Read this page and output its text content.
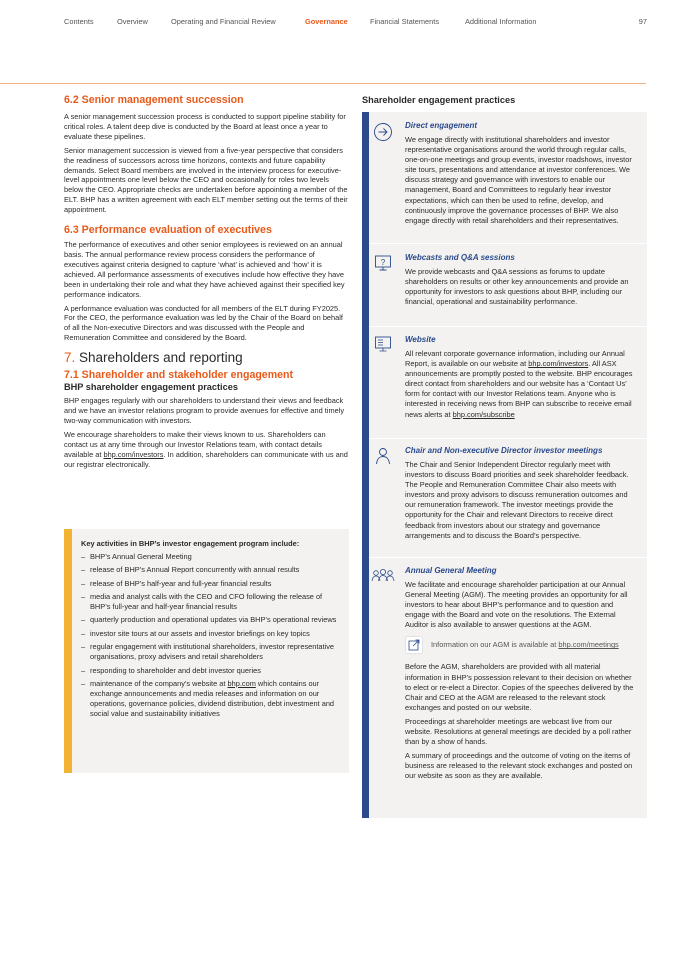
Contents	Overview	Operating and Financial Review	Governance	Financial Statements	Additional Information	97
6.2 Senior management succession

A senior management succession process is conducted to support pipeline stability for critical roles. A talent deep dive is conducted by the Board at least once a year to evaluate these pipelines.

Senior management succession is viewed from a five-year perspective that considers the readiness of successors across time horizons, contexts and future capability demands. Select Board members are involved in the interview process for executive-level appointments one level below the CEO and occasionally for roles two levels below the CEO. Appropriate checks are undertaken before appointing a member of the ELT. BHP has a written agreement with each ELT member setting out the terms of their appointment.

6.3 Performance evaluation of executives

The performance of executives and other senior employees is reviewed on an annual basis. The annual performance review process considers the performance of executives against criteria designed to capture ‘what’ is achieved and ‘how’ it is achieved. All performance assessments of executives include how effective they have been in undertaking their role and what they have achieved against their specified key performance indicators.

A performance evaluation was conducted for all members of the ELT during FY2025. For the CEO, the performance evaluation was led by the Chair of the Board on behalf of all the Non-executive Directors and was discussed with the People and Remuneration Committee and considered by the Board.

7. Shareholders and reporting
7.1 Shareholder and stakeholder engagement
BHP shareholder engagement practices

BHP engages regularly with our shareholders to understand their views and feedback and we have an investor relations program to provide avenues for effective and timely two-way communication with investors.

We encourage shareholders to make their views known to us. Shareholders can contact us at any time through our Investor Relations team, with contact details available at bhp.com/investors. In addition, shareholders can communicate with us and our registrar electronically.

Key activities in BHP’s investor engagement program include:
– BHP’s Annual General Meeting
– release of BHP’s Annual Report concurrently with annual results
– release of BHP’s half-year and full-year financial results
– media and analyst calls with the CEO and CFO following the release of BHP’s full-year and half-year financial results
– quarterly production and operational updates via BHP’s operational reviews
– investor site tours at our assets and investor briefings on key topics
– regular engagement with institutional shareholders, investor representative organisations, proxy advisers and retail shareholders
– responding to shareholder and debt investor queries
– maintenance of the company’s website at bhp.com which contains our exchange announcements and media releases and information on our operations, governance policies, dividend distribution, debt investment and social value and sustainability initiatives
Shareholder engagement practices
Direct engagement
We engage directly with institutional shareholders and investor representative organisations around the world through regular calls, one-on-one meetings and group events, investor roadshows, investor site tours, presentations and attendance at investor conferences. We discuss strategy and governance with investors to enable our management, Board and Committees to regularly hear investor expectations, which can then be used to refine, develop, and continuously improve the governance processes of BHP. We also engage directly with retail shareholders and their representatives.
?
Webcasts and Q&A sessions
We provide webcasts and Q&A sessions as forums to update shareholders on results or other key announcements and provide an opportunity for investors to ask questions about BHP, including our financial, operational and sustainability performance.
Website
All relevant corporate governance information, including our Annual Report, is available on our website at bhp.com/investors. All ASX announcements are promptly posted to the website. BHP encourages direct contact from shareholders and our website has a ‘Contact Us’ form for contact with our Investor Relations team. Anyone who is interested in receiving news from BHP can subscribe to receive email news alerts at bhp.com/subscribe
Chair and Non-executive Director investor meetings
The Chair and Senior Independent Director regularly meet with investors to discuss Board priorities and seek shareholder feedback. The People and Remuneration Committee Chair also meets with investors and proxy advisors to discuss remuneration outcomes and our remuneration framework. The investor meetings provide the opportunity for the Chair and relevant Directors to receive direct feedback from investors about our strategy and governance arrangements and to discuss the Board’s perspective.
Annual General Meeting

We facilitate and encourage shareholder participation at our Annual General Meeting (AGM). The meeting provides an opportunity for all investors to hear about BHP’s performance and to question and engage with the Board and vote on the resolutions. The External Auditor is also available to answer questions at the AGM.

Information on our AGM is available at bhp.com/meetings

Before the AGM, shareholders are provided with all material information in BHP’s possession relevant to their decision on whether to elect or re-elect a Director. Copies of the speeches delivered by the Chair and CEO at the AGM are released to the relevant stock exchanges and posted on our website.

Proceedings at shareholder meetings are webcast live from our website. Resolutions at general meetings are decided by a poll rather than by a show of hands.

A summary of proceedings and the outcome of voting on the items of business are released to the relevant stock exchanges and posted on our website as soon as they are available.
